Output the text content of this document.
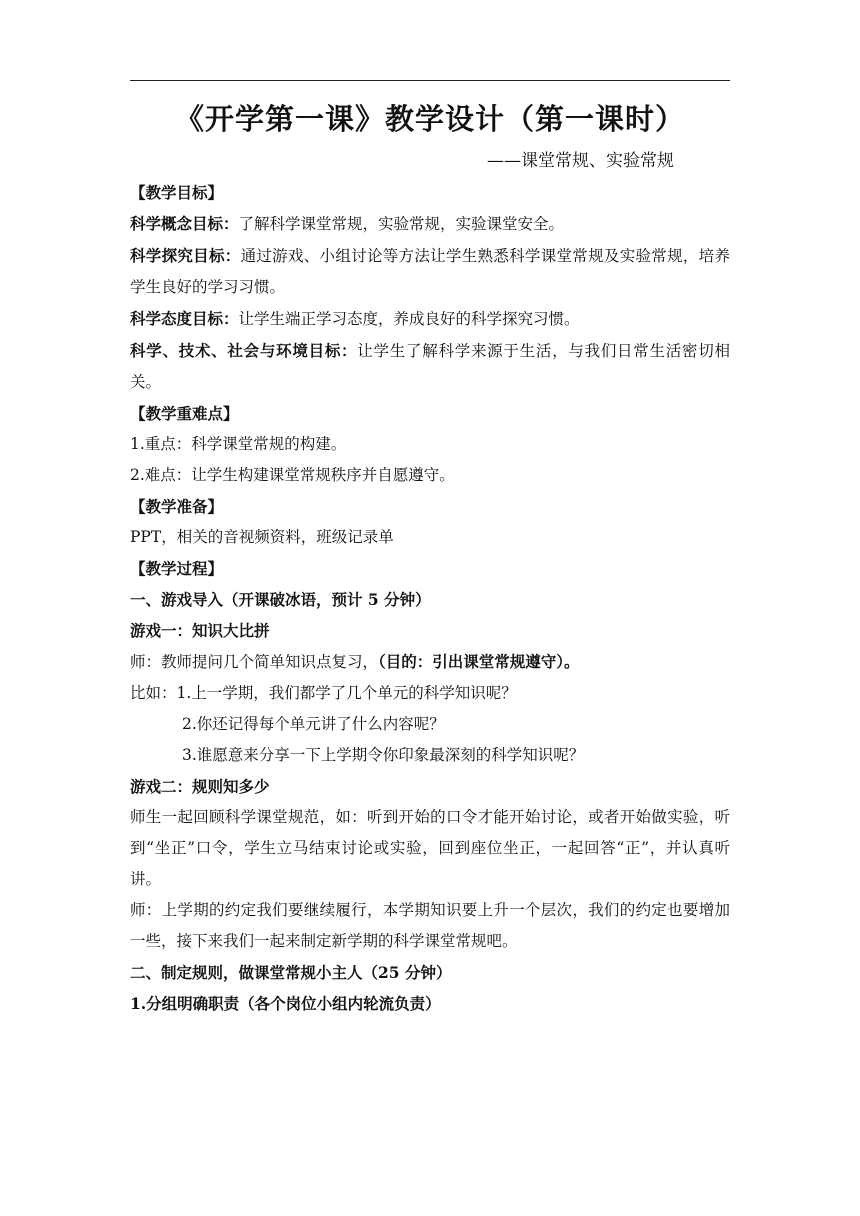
《开学第一课》教学设计（第一课时）
——课堂常规、实验常规

【教学目标】

科学概念目标：了解科学课堂常规，实验常规，实验课堂安全。

科学探究目标：通过游戏、小组讨论等方法让学生熟悉科学课堂常规及实验常规，培养学生良好的学习习惯。

科学态度目标：让学生端正学习态度，养成良好的科学探究习惯。

科学、技术、社会与环境目标：让学生了解科学来源于生活，与我们日常生活密切相关。

【教学重难点】

1.重点：科学课堂常规的构建。

2.难点：让学生构建课堂常规秩序并自愿遵守。

【教学准备】

PPT，相关的音视频资料，班级记录单

【教学过程】

一、游戏导入（开课破冰语，预计 5 分钟）

游戏一：知识大比拼

师：教师提问几个简单知识点复习，（目的：引出课堂常规遵守）。

比如：1.上一学期，我们都学了几个单元的科学知识呢？

2.你还记得每个单元讲了什么内容呢？

3.谁愿意来分享一下上学期令你印象最深刻的科学知识呢？

游戏二：规则知多少

师生一起回顾科学课堂规范，如：听到开始的口令才能开始讨论，或者开始做实验，听到“坐正”口令，学生立马结束讨论或实验，回到座位坐正，一起回答“正”，并认真听讲。

师：上学期的约定我们要继续履行，本学期知识要上升一个层次，我们的约定也要增加一些，接下来我们一起来制定新学期的科学课堂常规吧。

二、制定规则，做课堂常规小主人（25 分钟）

1.分组明确职责（各个岗位小组内轮流负责）
